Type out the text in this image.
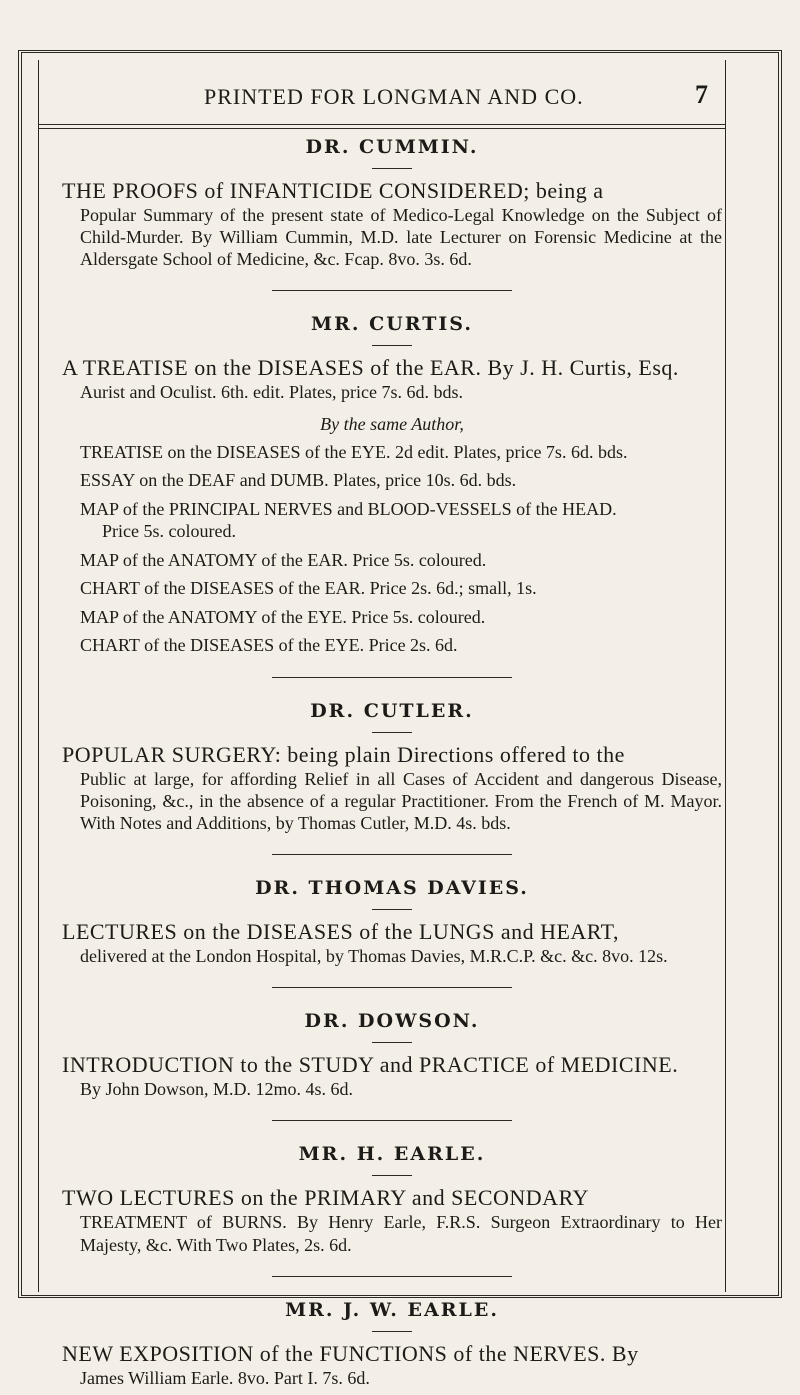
PRINTED FOR LONGMAN AND CO.	7
DR. CUMMIN.

THE PROOFS of INFANTICIDE CONSIDERED; being a
Popular Summary of the present state of Medico-Legal Knowledge on the Subject of Child-Murder. By William Cummin, M.D. late Lecturer on Forensic Medicine at the Aldersgate School of Medicine, &c. Fcap. 8vo. 3s. 6d.

MR. CURTIS.

A TREATISE on the DISEASES of the EAR. By J. H. Curtis, Esq.
Aurist and Oculist. 6th. edit. Plates, price 7s. 6d. bds.

By the same Author,
TREATISE on the DISEASES of the EYE. 2d edit. Plates, price 7s. 6d. bds.
ESSAY on the DEAF and DUMB. Plates, price 10s. 6d. bds.
MAP of the PRINCIPAL NERVES and BLOOD-VESSELS of the HEAD.
Price 5s. coloured.
MAP of the ANATOMY of the EAR. Price 5s. coloured.
CHART of the DISEASES of the EAR. Price 2s. 6d.; small, 1s.
MAP of the ANATOMY of the EYE. Price 5s. coloured.
CHART of the DISEASES of the EYE. Price 2s. 6d.
DR. CUTLER.

POPULAR SURGERY: being plain Directions offered to the
Public at large, for affording Relief in all Cases of Accident and dangerous Disease, Poisoning, &c., in the absence of a regular Practitioner. From the French of M. Mayor. With Notes and Additions, by Thomas Cutler, M.D. 4s. bds.

DR. THOMAS DAVIES.

LECTURES on the DISEASES of the LUNGS and HEART,
delivered at the London Hospital, by Thomas Davies, M.R.C.P. &c. &c. 8vo. 12s.

DR. DOWSON.

INTRODUCTION to the STUDY and PRACTICE of MEDICINE.
By John Dowson, M.D. 12mo. 4s. 6d.

MR. H. EARLE.

TWO LECTURES on the PRIMARY and SECONDARY
TREATMENT of BURNS. By Henry Earle, F.R.S. Surgeon Extraordinary to Her Majesty, &c. With Two Plates, 2s. 6d.

MR. J. W. EARLE.

NEW EXPOSITION of the FUNCTIONS of the NERVES. By
James William Earle. 8vo. Part I. 7s. 6d.
